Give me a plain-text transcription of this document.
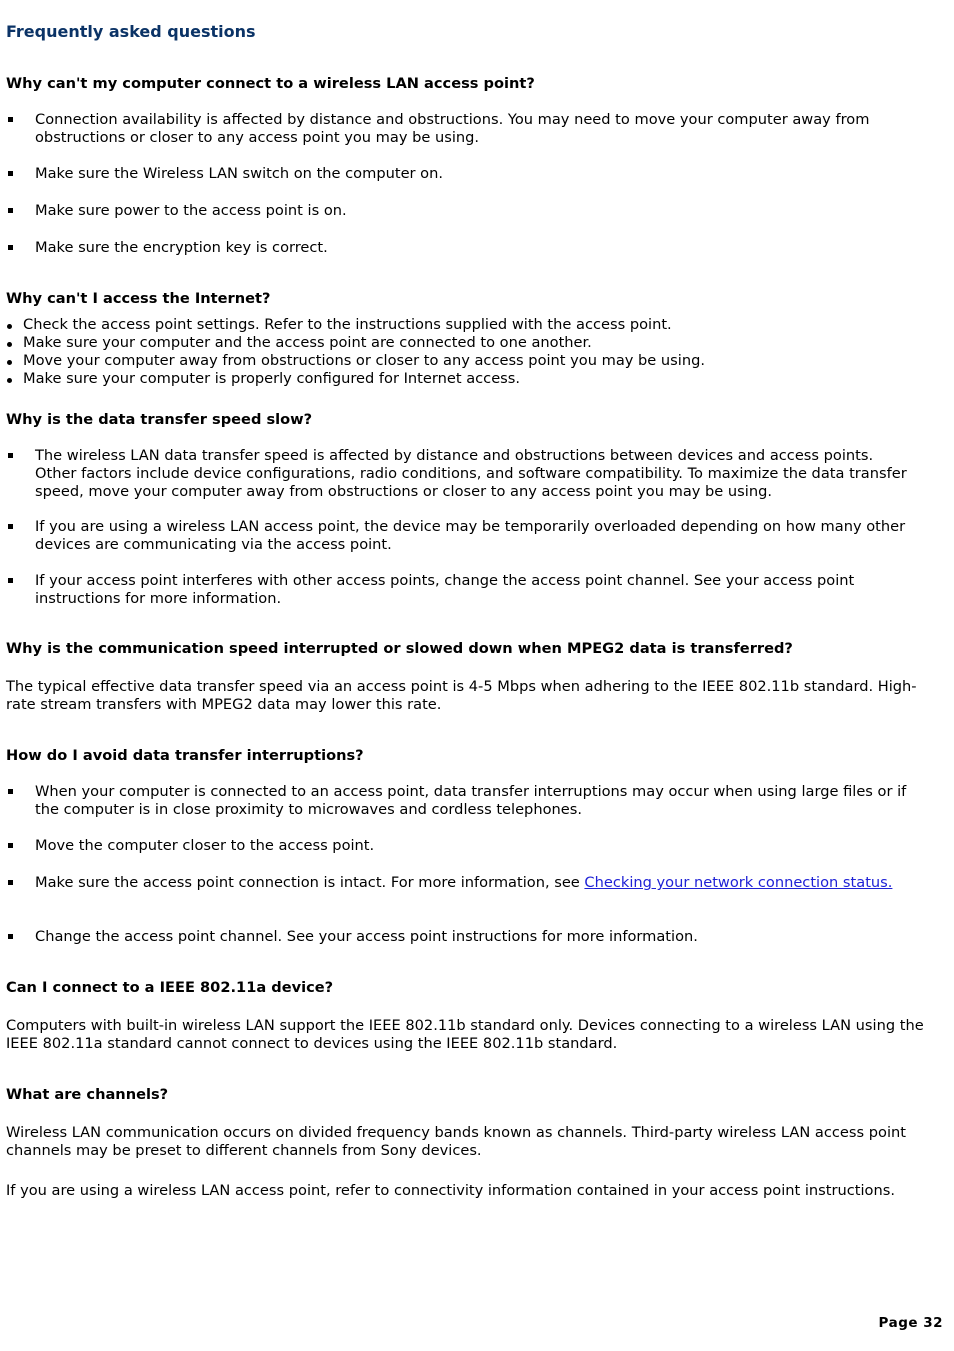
Frequently asked questions

Why can't my computer connect to a wireless LAN access point?

Connection availability is affected by distance and obstructions. You may need to move your computer away from obstructions or closer to any access point you may be using.
Make sure the Wireless LAN switch on the computer on.
Make sure power to the access point is on.
Make sure the encryption key is correct.

Why can't I access the Internet?

Check the access point settings. Refer to the instructions supplied with the access point.
Make sure your computer and the access point are connected to one another.
Move your computer away from obstructions or closer to any access point you may be using.
Make sure your computer is properly configured for Internet access.

Why is the data transfer speed slow?

The wireless LAN data transfer speed is affected by distance and obstructions between devices and access points. Other factors include device configurations, radio conditions, and software compatibility. To maximize the data transfer speed, move your computer away from obstructions or closer to any access point you may be using.
If you are using a wireless LAN access point, the device may be temporarily overloaded depending on how many other devices are communicating via the access point.
If your access point interferes with other access points, change the access point channel. See your access point instructions for more information.

Why is the communication speed interrupted or slowed down when MPEG2 data is transferred?

The typical effective data transfer speed via an access point is 4-5 Mbps when adhering to the IEEE 802.11b standard. High-rate stream transfers with MPEG2 data may lower this rate.

How do I avoid data transfer interruptions?

When your computer is connected to an access point, data transfer interruptions may occur when using large files or if the computer is in close proximity to microwaves and cordless telephones.
Move the computer closer to the access point.
Make sure the access point connection is intact. For more information, see Checking your network connection status.
Change the access point channel. See your access point instructions for more information.

Can I connect to a IEEE 802.11a device?

Computers with built-in wireless LAN support the IEEE 802.11b standard only. Devices connecting to a wireless LAN using the IEEE 802.11a standard cannot connect to devices using the IEEE 802.11b standard.

What are channels?

Wireless LAN communication occurs on divided frequency bands known as channels. Third-party wireless LAN access point channels may be preset to different channels from Sony devices.

If you are using a wireless LAN access point, refer to connectivity information contained in your access point instructions.

Page 32
